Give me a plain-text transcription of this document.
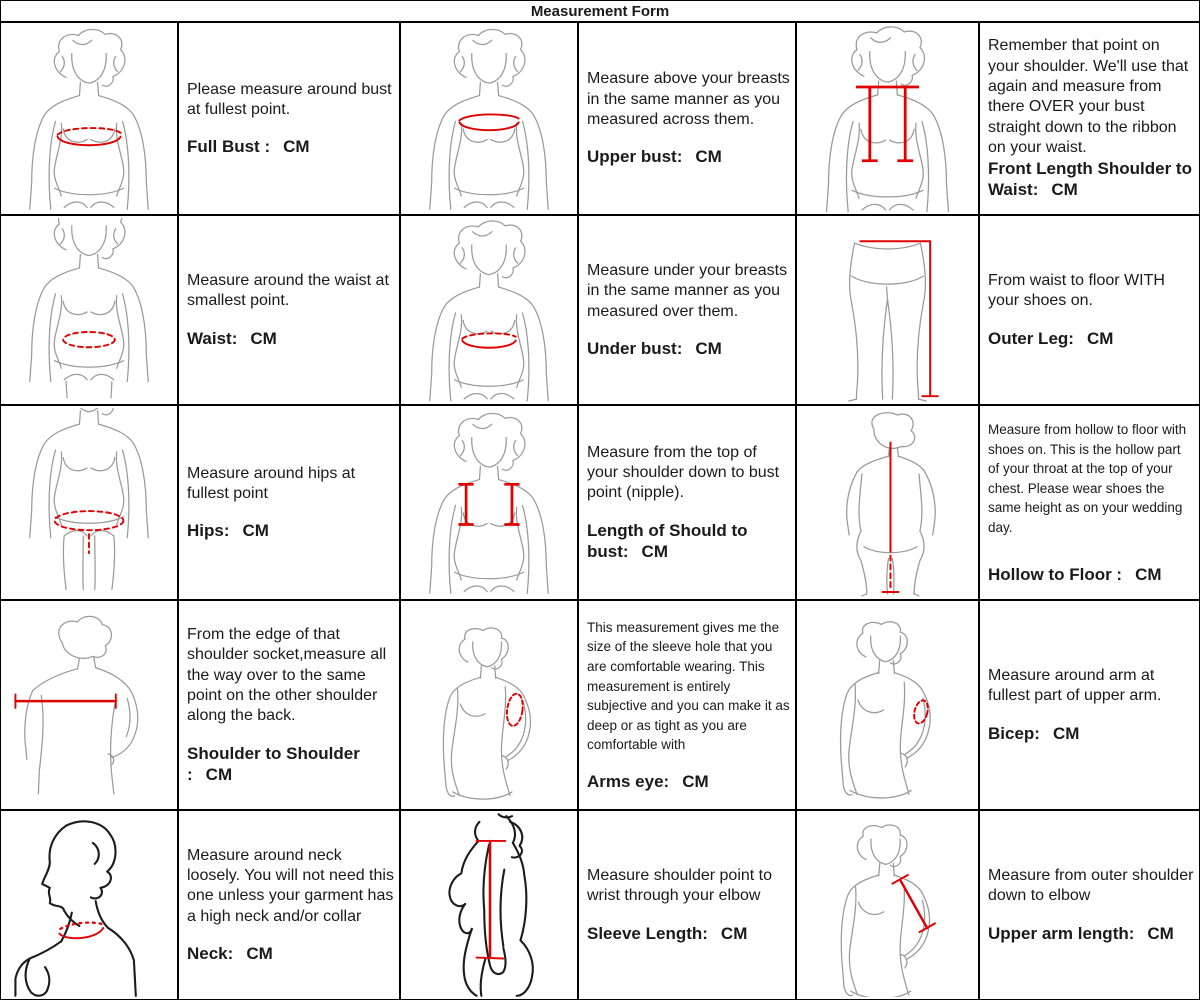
Measurement Form

Please measure around bust at fullest point.

Full Bust : CM

Measure above your breasts in the same manner as you measured across them.

Upper bust: CM

Remember that point on your shoulder. We'll use that again and measure from there OVER your bust straight down to the ribbon on your waist.

Front Length Shoulder to Waist: CM

Measure around the waist at smallest point.

Waist: CM

Measure under your breasts in the same manner as you measured over them.

Under bust: CM

From waist to floor WITH your shoes on.

Outer Leg: CM

Measure around hips at fullest point

Hips: CM

Measure from the top of your shoulder down to bust point (nipple).

Length of Should to bust: CM

Measure from hollow to floor with shoes on. This is the hollow part of your throat at the top of your chest. Please wear shoes the same height as on your wedding day.

Hollow to Floor : CM

From the edge of that shoulder socket,measure all the way over to the same point on the other shoulder along the back.

Shoulder to Shoulder : CM

This measurement gives me the size of the sleeve hole that you are comfortable wearing. This measurement is entirely subjective and you can make it as deep or as tight as you are comfortable with

Arms eye: CM

Measure around arm at fullest part of upper arm.

Bicep: CM

Measure around neck loosely. You will not need this one unless your garment has a high neck and/or collar

Neck: CM

Measure shoulder point to wrist through your elbow

Sleeve Length: CM

Measure from outer shoulder down to elbow

Upper arm length: CM
